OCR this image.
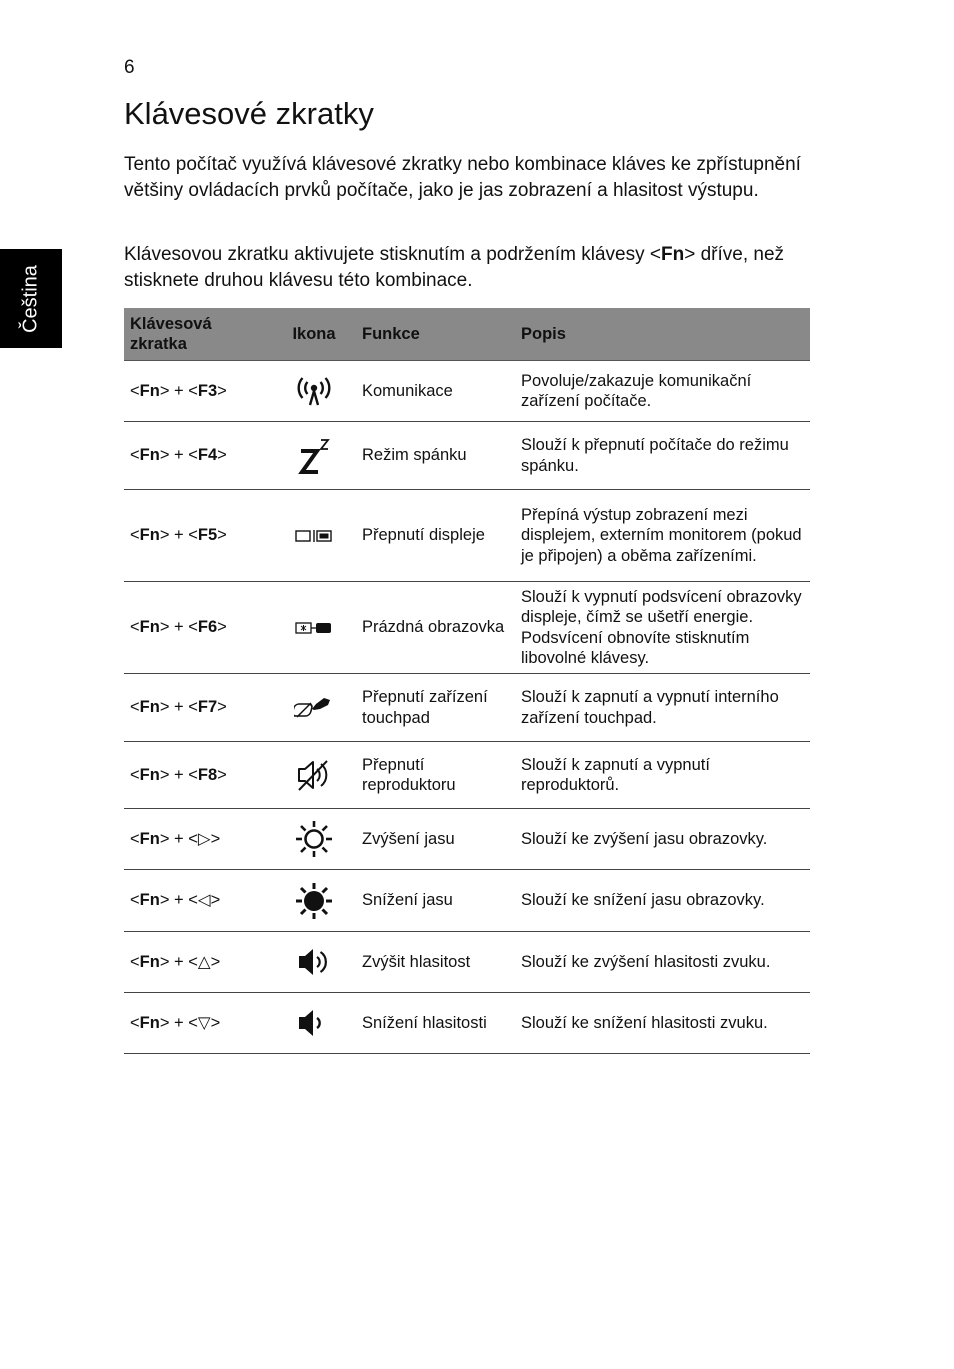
6
Klávesové zkratky

Tento počítač využívá klávesové zkratky nebo kombinace kláves ke zpřístupnění většiny ovládacích prvků počítače, jako je jas zobrazení a hlasitost výstupu.

Klávesovou zkratku aktivujete stisknutím a podržením klávesy <Fn> dříve, než stisknete druhou klávesu této kombinace.

Čeština	Klávesová zkratka	Ikona	Funkce	Popis
<Fn> + <F3>		Komunikace	Povoluje/zakazuje komunikační zařízení počítače.
<Fn> + <F4>		Režim spánku	Slouží k přepnutí počítače do režimu spánku.
<Fn> + <F5>		Přepnutí displeje	Přepíná výstup zobrazení mezi displejem, externím monitorem (pokud je připojen) a oběma zařízeními.
<Fn> + <F6>		Prázdná obrazovka	Slouží k vypnutí podsvícení obrazovky displeje, čímž se ušetří energie. Podsvícení obnovíte stisknutím libovolné klávesy.
<Fn> + <F7>		Přepnutí zařízení touchpad	Slouží k zapnutí a vypnutí interního zařízení touchpad.
<Fn> + <F8>		Přepnutí reproduktoru	Slouží k zapnutí a vypnutí reproduktorů.
<Fn> + <▷>		Zvýšení jasu	Slouží ke zvýšení jasu obrazovky.
<Fn> + <◁>		Snížení jasu	Slouží ke snížení jasu obrazovky.
<Fn> + <△>		Zvýšit hlasitost	Slouží ke zvýšení hlasitosti zvuku.
<Fn> + <▽>		Snížení hlasitosti	Slouží ke snížení hlasitosti zvuku.
